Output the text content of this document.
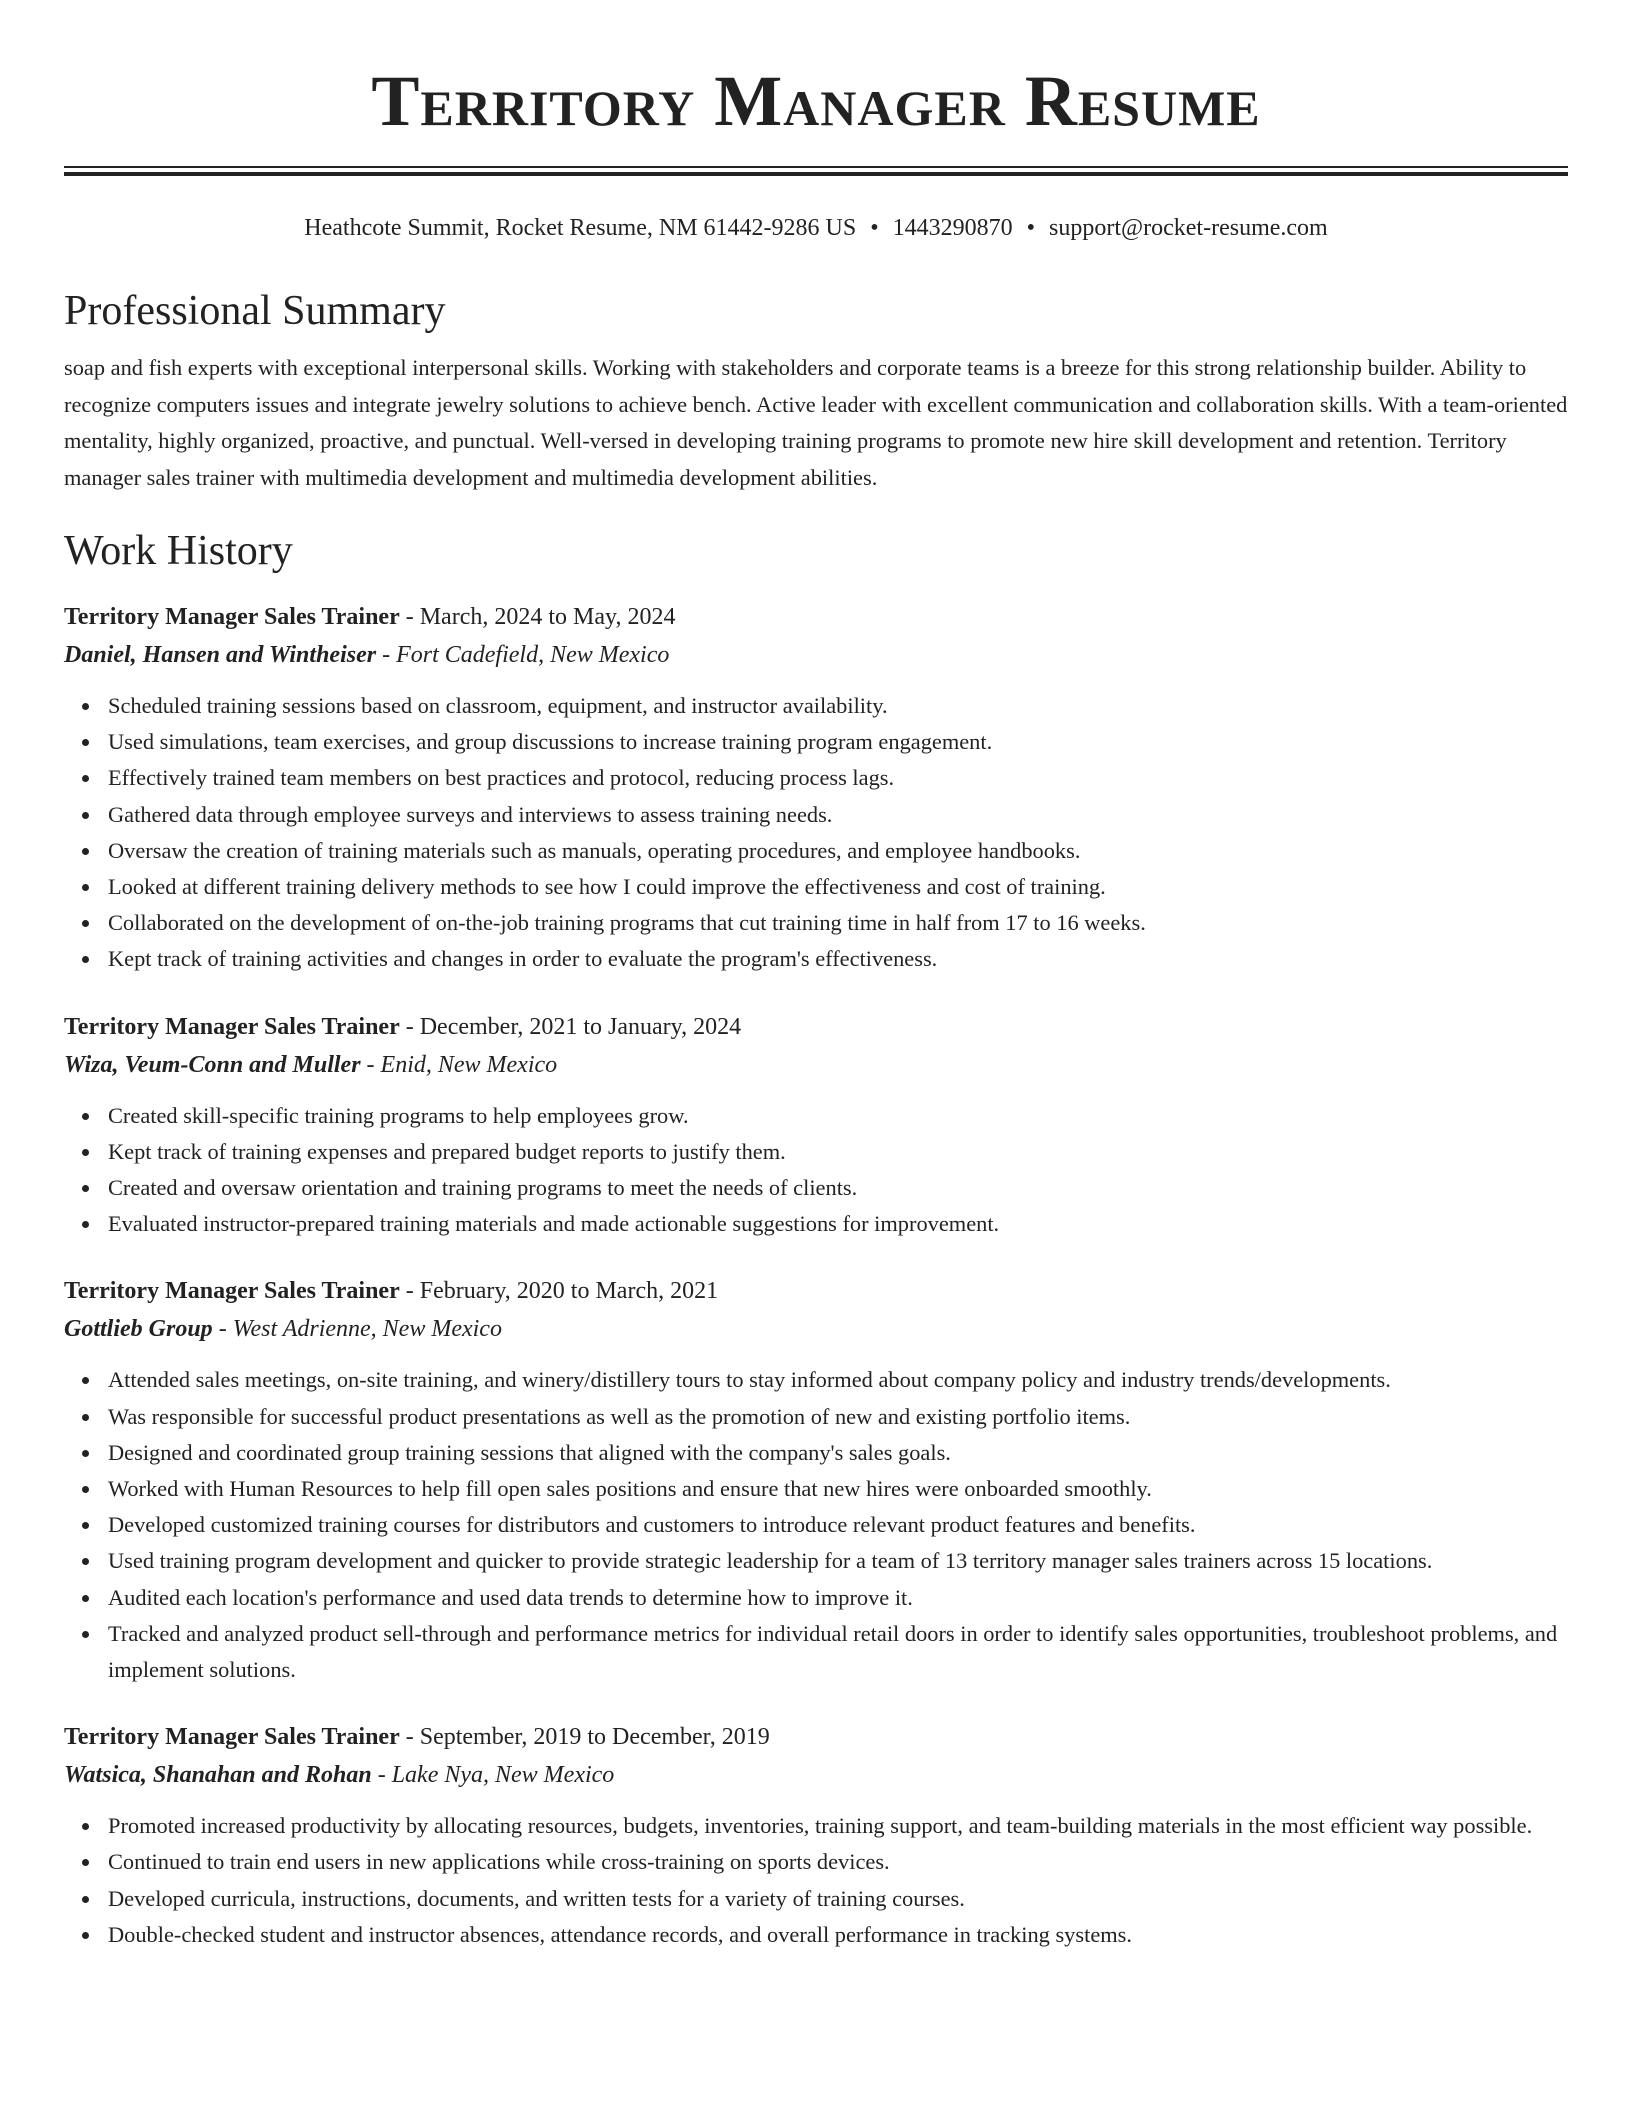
Territory Manager Resume
Heathcote Summit, Rocket Resume, NM 61442-9286 US • 1443290870 • support@rocket-resume.com
Professional Summary

soap and fish experts with exceptional interpersonal skills. Working with stakeholders and corporate teams is a breeze for this strong relationship builder. Ability to recognize computers issues and integrate jewelry solutions to achieve bench. Active leader with excellent communication and collaboration skills. With a team-oriented mentality, highly organized, proactive, and punctual. Well-versed in developing training programs to promote new hire skill development and retention. Territory manager sales trainer with multimedia development and multimedia development abilities.

Work History
Territory Manager Sales Trainer - March, 2024 to May, 2024
Daniel, Hansen and Wintheiser - Fort Cadefield, New Mexico
Scheduled training sessions based on classroom, equipment, and instructor availability.
Used simulations, team exercises, and group discussions to increase training program engagement.
Effectively trained team members on best practices and protocol, reducing process lags.
Gathered data through employee surveys and interviews to assess training needs.
Oversaw the creation of training materials such as manuals, operating procedures, and employee handbooks.
Looked at different training delivery methods to see how I could improve the effectiveness and cost of training.
Collaborated on the development of on-the-job training programs that cut training time in half from 17 to 16 weeks.
Kept track of training activities and changes in order to evaluate the program's effectiveness.
Territory Manager Sales Trainer - December, 2021 to January, 2024
Wiza, Veum-Conn and Muller - Enid, New Mexico
Created skill-specific training programs to help employees grow.
Kept track of training expenses and prepared budget reports to justify them.
Created and oversaw orientation and training programs to meet the needs of clients.
Evaluated instructor-prepared training materials and made actionable suggestions for improvement.
Territory Manager Sales Trainer - February, 2020 to March, 2021
Gottlieb Group - West Adrienne, New Mexico
Attended sales meetings, on-site training, and winery/distillery tours to stay informed about company policy and industry trends/developments.
Was responsible for successful product presentations as well as the promotion of new and existing portfolio items.
Designed and coordinated group training sessions that aligned with the company's sales goals.
Worked with Human Resources to help fill open sales positions and ensure that new hires were onboarded smoothly.
Developed customized training courses for distributors and customers to introduce relevant product features and benefits.
Used training program development and quicker to provide strategic leadership for a team of 13 territory manager sales trainers across 15 locations.
Audited each location's performance and used data trends to determine how to improve it.
Tracked and analyzed product sell-through and performance metrics for individual retail doors in order to identify sales opportunities, troubleshoot problems, and implement solutions.
Territory Manager Sales Trainer - September, 2019 to December, 2019
Watsica, Shanahan and Rohan - Lake Nya, New Mexico
Promoted increased productivity by allocating resources, budgets, inventories, training support, and team-building materials in the most efficient way possible.
Continued to train end users in new applications while cross-training on sports devices.
Developed curricula, instructions, documents, and written tests for a variety of training courses.
Double-checked student and instructor absences, attendance records, and overall performance in tracking systems.
